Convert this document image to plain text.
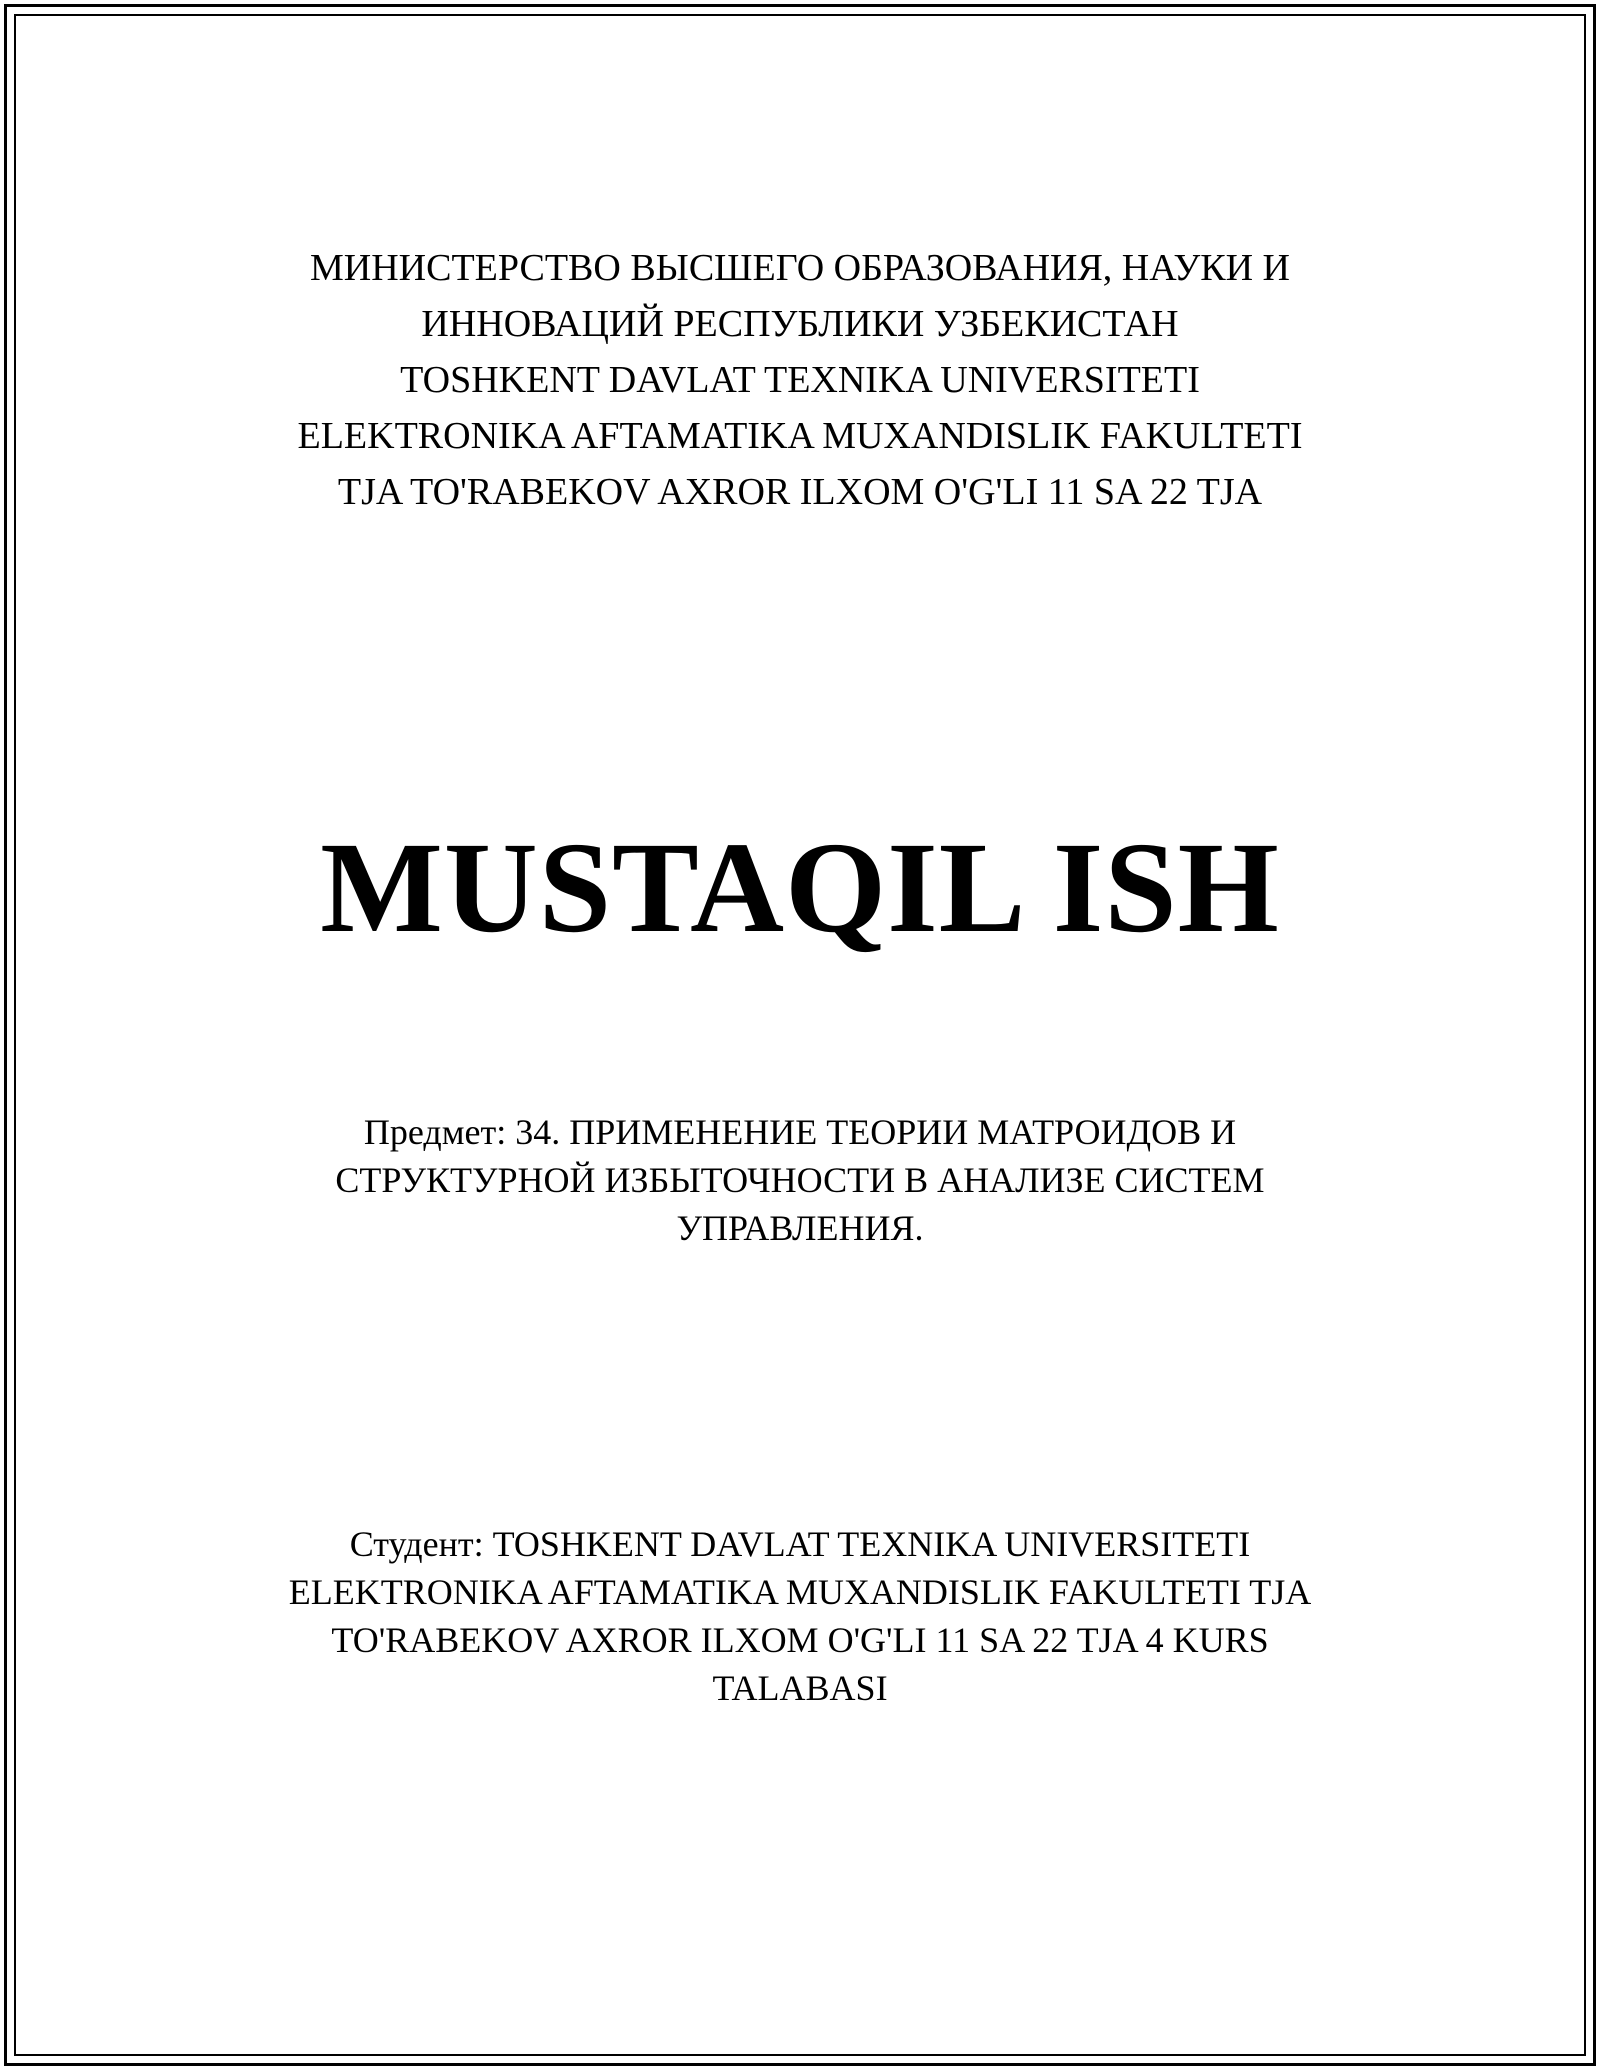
МИНИСТЕРСТВО ВЫСШЕГО ОБРАЗОВАНИЯ, НАУКИ И
ИННОВАЦИЙ РЕСПУБЛИКИ УЗБЕКИСТАН
TOSHKENT DAVLAT TEXNIKA UNIVERSITETI
ELEKTRONIKA AFTAMATIKA MUXANDISLIK FAKULTETI
TJA TO'RABEKOV AXROR ILXOM O'G'LI 11 SA 22 TJA
MUSTAQIL ISH
Предмет: 34. ПРИМЕНЕНИЕ ТЕОРИИ МАТРОИДОВ И
СТРУКТУРНОЙ ИЗБЫТОЧНОСТИ В АНАЛИЗЕ СИСТЕМ
УПРАВЛЕНИЯ.
Студент: TOSHKENT DAVLAT TEXNIKA UNIVERSITETI
ELEKTRONIKA AFTAMATIKA MUXANDISLIK FAKULTETI TJA
TO'RABEKOV AXROR ILXOM O'G'LI 11 SA 22 TJA 4 KURS
TALABASI
